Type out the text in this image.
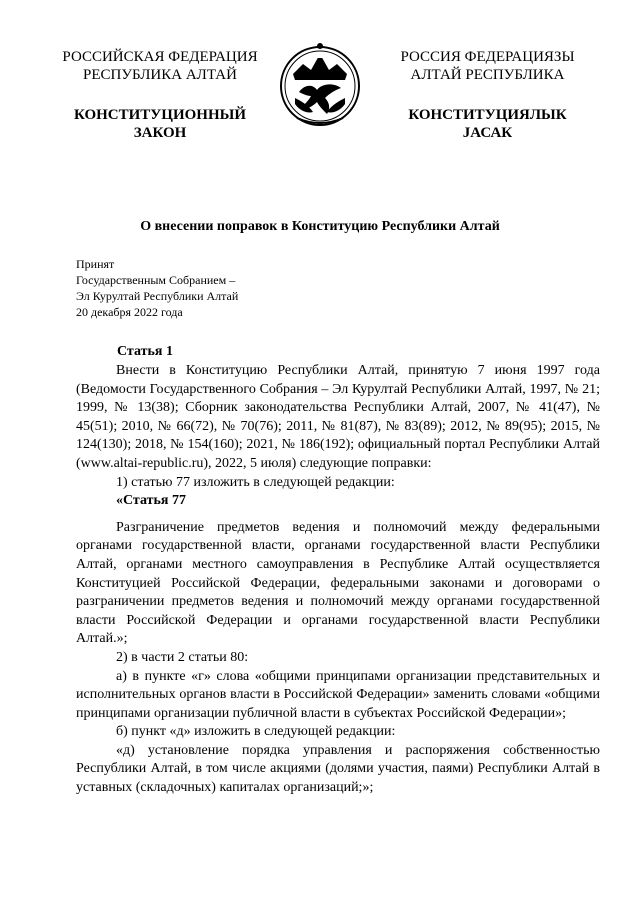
РОССИЙСКАЯ ФЕДЕРАЦИЯ
РЕСПУБЛИКА АЛТАЙ
КОНСТИТУЦИОННЫЙ
ЗАКОН
РОССИЯ ФЕДЕРАЦИЯЗЫ
АЛТАЙ РЕСПУБЛИКА
КОНСТИТУЦИЯЛЫК
JАСАК
О внесении поправок в Конституцию Республики Алтай
Принят
Государственным Собранием –
Эл Курултай Республики Алтай
20 декабря 2022 года
Статья 1

Внести в Конституцию Республики Алтай, принятую 7 июня 1997 года (Ведомости Государственного Собрания – Эл Курултай Республики Алтай, 1997, № 21; 1999, № 13(38); Сборник законодательства Республики Алтай, 2007, № 41(47), № 45(51); 2010, № 66(72), № 70(76); 2011, № 81(87), № 83(89); 2012, № 89(95); 2015, № 124(130); 2018, № 154(160); 2021, № 186(192); официальный портал Республики Алтай (www.altai-republic.ru), 2022, 5 июля) следующие поправки:

1) статью 77 изложить в следующей редакции:

«Статья 77

Разграничение предметов ведения и полномочий между федеральными органами государственной власти, органами государственной власти Республики Алтай, органами местного самоуправления в Республике Алтай осуществляется Конституцией Российской Федерации, федеральными законами и договорами о разграничении предметов ведения и полномочий между органами государственной власти Российской Федерации и органами государственной власти Республики Алтай.»;

2) в части 2 статьи 80:

а) в пункте «г» слова «общими принципами организации представительных и исполнительных органов власти в Российской Федерации» заменить словами «общими принципами организации публичной власти в субъектах Российской Федерации»;

б) пункт «д» изложить в следующей редакции:

«д) установление порядка управления и распоряжения собственностью Республики Алтай, в том числе акциями (долями участия, паями) Республики Алтай в уставных (складочных) капиталах организаций;»;
